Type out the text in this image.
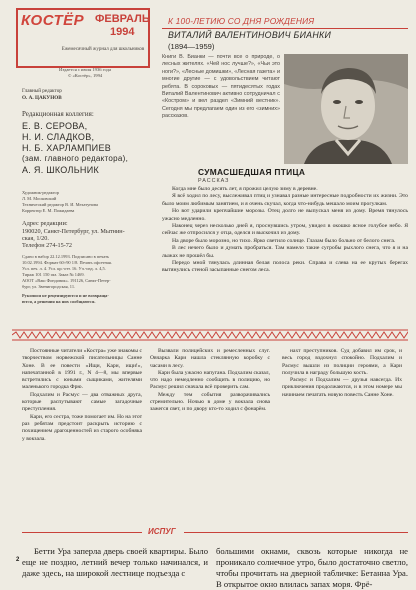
КОСТЁР ФЕВРАЛЬ
1994
Ежемесячный журнал для школьников
Издается с июля 1936 года
© «Костёр», 1994
Главный редактор
О. А. ЦАКУНОВ
Редакционная коллегия:
Е. В. СЕРОВА,
Н. И. СЛАДКОВ,
Н. Б. ХАРЛАМПИЕВ
(зам. главного редактора),
А. Я. ШКОЛЬНИК
Художник-редактор
Л. М. Московский
Технический редактор В. И. Мехатунова
Корректор Е. М. Пожидаева
Адрес редакции:
190020, Санкт-Петербург, ул. Мытнин-
ская, 1/20.
Телефон 274-15-72
Сдано в набор 22.12.1993. Подписано в печать
10.02.1994. Формат 60×90 1/8. Печать офсетная.
Усл. печ. л. 4. Усл. кр.-отт. 16. Уч.-изд. л. 4,5.
Тираж 101 150 экз. Заказ № 1469.
АООТ «Ваш Фондовик». 191126, Санкт-Петер-
бург, ул. Звенигородская, 11.
Рукописи не рецензируются и не возвраща-
ются, а решения на них сообщаются.
К 100-ЛЕТИЮ СО ДНЯ РОЖДЕНИЯ
ВИТАЛИЙ ВАЛЕНТИНОВИЧ БИАНКИ
(1894—1959)
Книги В. Бианки — почти все о природе, о лесных жителях. «Чей нос лучше?», «Чьи это ноги?», «Лесные домишки», «Лесная газета» и многие другие — с удовольствием читают ребята. В сороковых — пятидесятых годах Виталий Валентинович активно сотрудничал с «Костром» и вел раздел «Зимний вестник». Сегодня мы предлагаем один из его «зимних» рассказов.
СУМАСШЕДШАЯ ПТИЦА
РАССКАЗ

Когда мне было десять лет, я прожил целую зиму в деревне.

Я всё ходил по лесу, выслеживал птиц и узнавал разные интересные подробности их жизни. Это было моим любимым занятием, и я очень скучал, когда что-нибудь мешало моим прогулкам.

Но вот ударили крепчайшие морозы. Отец долго не выпускал меня из дому. Время тянулось ужасно медленно.

Наконец через несколько дней я, проснувшись утром, увидел в окошко ясное голубое небо. Я сейчас же отпросился у отца, оделся и выскочил из дому.

На дворе было морозно, но тихо. Ярко светило солнце. Глазам было больно от белого снега.

В лес нечего было и думать пробраться. Там намело такие сугробы рыхлого снега, что я и на лыжах не прошёл бы.

Передо мной тянулась длинная белая полоса реки. Справа и слева на ее крутых берегах вытянулись стеной засыпанные снегом леса.

Постоянные читатели «Костра» уже знакомы с творчеством норвежской писательницы Санне Хоне. В ее повести «Ищи, Кари, ищи!», напечатанной в 1991 г., N 4—8, мы впервые встретились с юными сыщиками, жителями маленького городка Фрю.

Подхалим и Расмус — два отважных друга, которые распутывают самые загадочные преступления.

Кари, его сестра, тоже помогает им. Но на этот раз ребятам предстоит раскрыть историю с похищением драгоценностей из старого особняка у вокзала.

Вызвали полицейских и ремесленных слуг. Овчарка Кари нашла стеклянную коробку с часами в лесу.

Кари была ужасно напугана. Подхалим сказал, что надо немедленно сообщить в полицию, но Расмус решил сначала всё проверить сам.

Между тем события разворачивались стремительно. Ночью в доме у вокзала снова зажегся свет, и по двору кто-то ходил с фонарём.

нахт преступников. Суд добавил им срок, и весь город вздохнул спокойно. Подхалим и Расмус вышли из полиции героями, а Кари получила в награду большую кость.

Расмус и Подхалим — друзья навсегда. Их приключения продолжаются, и в этом номере мы начинаем печатать новую повесть Санне Хоне.

ИСПУГ
Бетти Ура заперла дверь своей квартиры. Было еще не поздно, летний вечер только начинался, и даже здесь, на широкой лестнице подъезда с
большими окнами, сквозь которые никогда не проникало солнечное утро, было достаточно светло, чтобы прочитать на дверной табличке: Бетанна Ура. В открытое окно влилась запах моря. Фрё-
2
